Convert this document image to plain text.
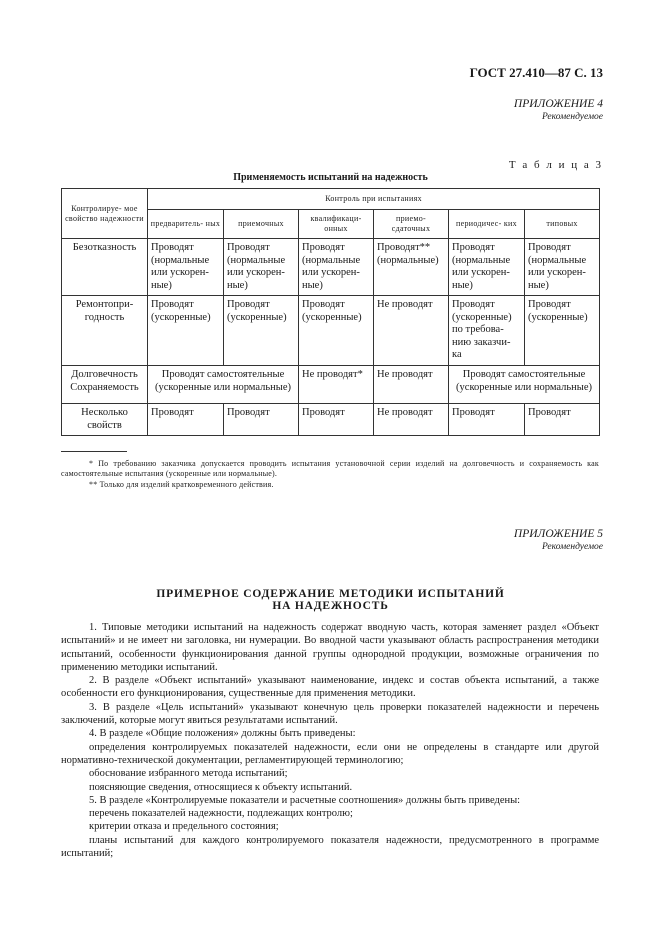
ГОСТ 27.410—87 С. 13
ПРИЛОЖЕНИЕ 4
Рекомендуемое
Т а б л и ц а 3
Применяемость испытаний на надежность
Контролируе- мое свойство надежности	Контроль при испытаниях					
	предваритель- ных	приемочных	квалификаци- онных	приемо- сдаточных	периодичес- ких	типовых
Безотказность	Проводят (нормальные или ускорен- ные)	Проводят (нормальные или ускорен- ные)	Проводят (нормальные или ускорен- ные)	Проводят** (нормальные)	Проводят (нормальные или ускорен- ные)	Проводят (нормальные или ускорен- ные)
Ремонтопри- годность	Проводят (ускоренные)	Проводят (ускоренные)	Проводят (ускоренные)	Не проводят	Проводят (ускоренные) по требова- нию заказчи- ка	Проводят (ускоренные)

Долговечность
Сохраняемость	Проводят самостоятельные (ускоренные или нормальные)		Не проводят*	Не проводят	Проводят самостоятельные (ускоренные или нормальные)	
Несколько свойств	Проводят	Проводят	Проводят	Не проводят	Проводят	Проводят
* По требованию заказчика допускается проводить испытания установочной серии изделий на долговечность и сохраняемость как самостоятельные испытания (ускоренные или нормальные).
** Только для изделий кратковременного действия.
ПРИЛОЖЕНИЕ 5
Рекомендуемое
ПРИМЕРНОЕ СОДЕРЖАНИЕ МЕТОДИКИ ИСПЫТАНИЙ
НА НАДЕЖНОСТЬ

1. Типовые методики испытаний на надежность содержат вводную часть, которая заменяет раздел «Объект испытаний» и не имеет ни заголовка, ни нумерации. Во вводной части указывают область распространения методики испытаний, особенности функционирования данной группы однородной продукции, возможные ограничения по применению методики испытаний.

2. В разделе «Объект испытаний» указывают наименование, индекс и состав объекта испытаний, а также особенности его функционирования, существенные для применения методики.

3. В разделе «Цель испытаний» указывают конечную цель проверки показателей надежности и перечень заключений, которые могут явиться результатами испытаний.

4. В разделе «Общие положения» должны быть приведены:

определения контролируемых показателей надежности, если они не определены в стандарте или другой нормативно-технической документации, регламентирующей терминологию;

обоснование избранного метода испытаний;

поясняющие сведения, относящиеся к объекту испытаний.

5. В разделе «Контролируемые показатели и расчетные соотношения» должны быть приведены:

перечень показателей надежности, подлежащих контролю;

критерии отказа и предельного состояния;

планы испытаний для каждого контролируемого показателя надежности, предусмотренного в программе испытаний;
